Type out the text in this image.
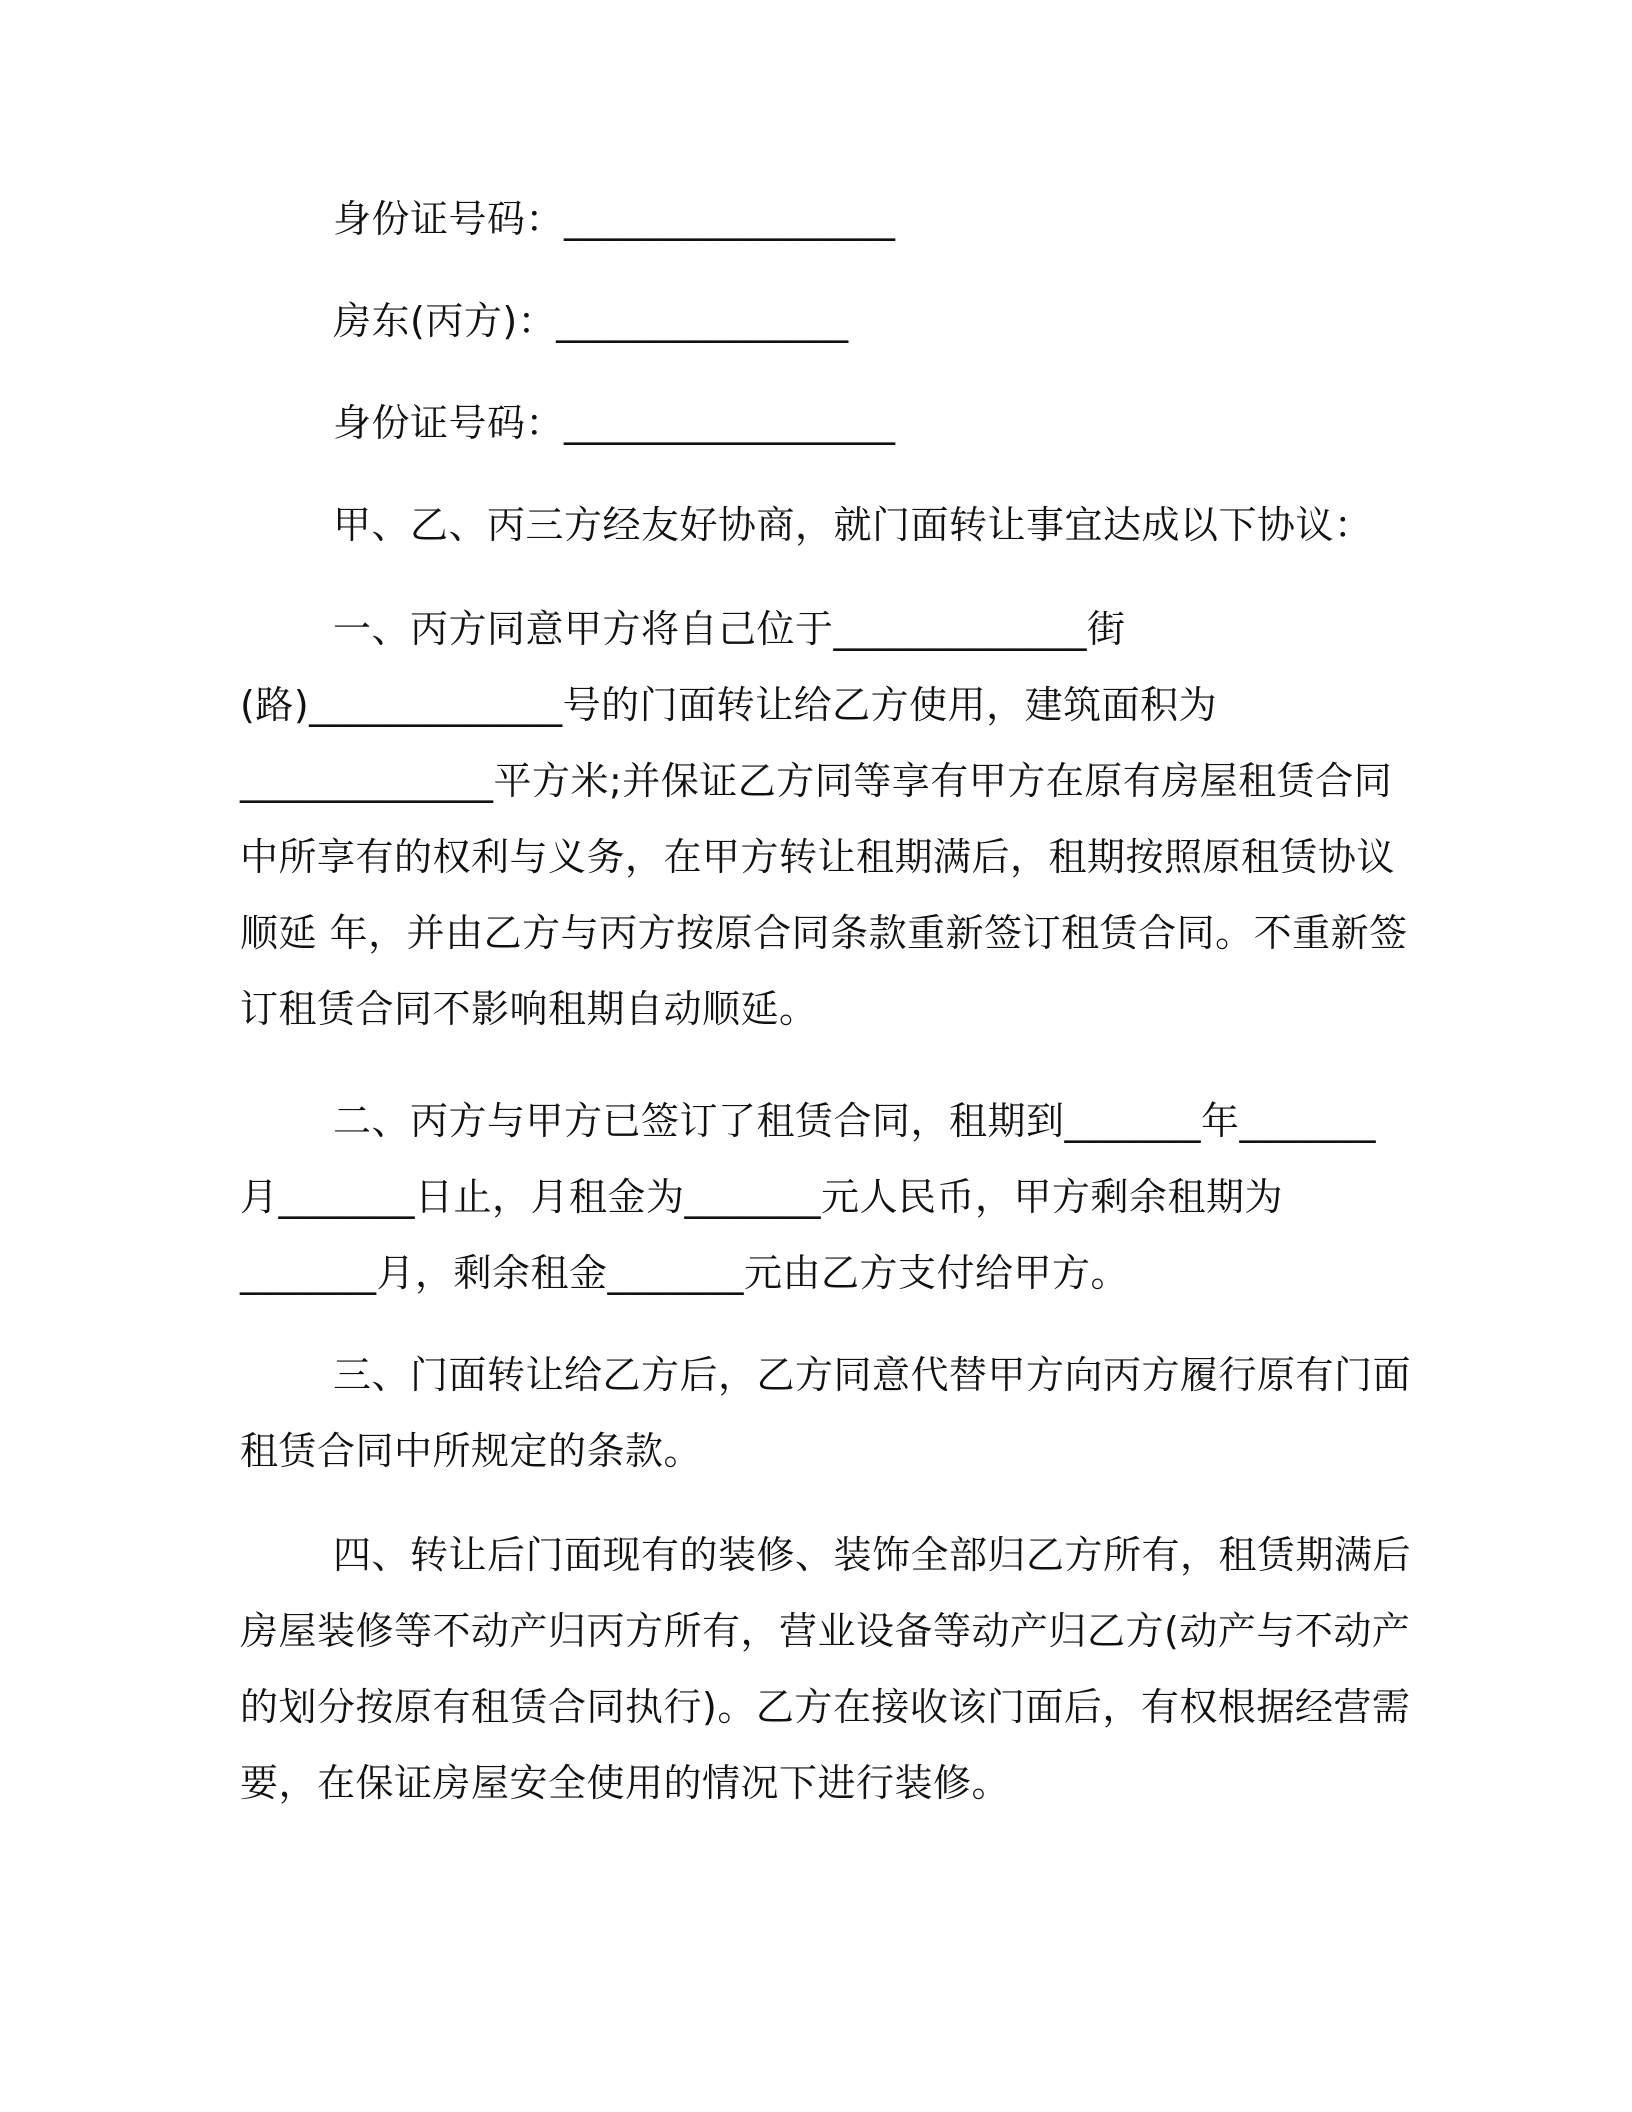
身份证号码：_________________
房东(丙方)：_______________
身份证号码：_________________
甲、乙、丙三方经友好协商，就门面转让事宜达成以下协议：
一、丙方同意甲方将自己位于_____________街
(路)_____________号的门面转让给乙方使用，建筑面积为
_____________平方米;并保证乙方同等享有甲方在原有房屋租赁合同
中所享有的权利与义务，在甲方转让租期满后，租期按照原租赁协议
顺延 年，并由乙方与丙方按原合同条款重新签订租赁合同。不重新签
订租赁合同不影响租期自动顺延。
二、丙方与甲方已签订了租赁合同，租期到_______年_______
月_______日止，月租金为_______元人民币，甲方剩余租期为
_______月，剩余租金_______元由乙方支付给甲方。
三、门面转让给乙方后，乙方同意代替甲方向丙方履行原有门面
租赁合同中所规定的条款。
四、转让后门面现有的装修、装饰全部归乙方所有，租赁期满后
房屋装修等不动产归丙方所有，营业设备等动产归乙方(动产与不动产
的划分按原有租赁合同执行)。乙方在接收该门面后，有权根据经营需
要，在保证房屋安全使用的情况下进行装修。
